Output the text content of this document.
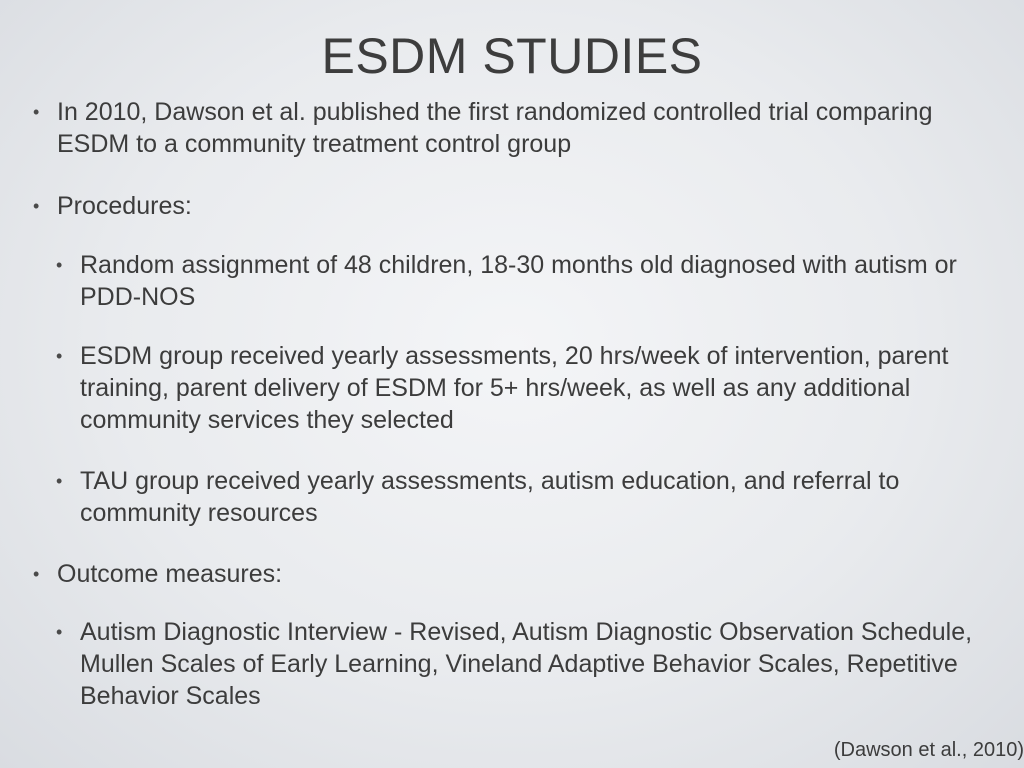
ESDM STUDIES
• In 2010, Dawson et al. published the first randomized controlled trial comparing ESDM to a community treatment control group
• Procedures:
• Random assignment of 48 children, 18-30 months old diagnosed with autism or PDD-NOS
• ESDM group received yearly assessments, 20 hrs/week of intervention, parent training, parent delivery of ESDM for 5+ hrs/week, as well as any additional community services they selected
• TAU group received yearly assessments, autism education, and referral to community resources
• Outcome measures:
• Autism Diagnostic Interview - Revised, Autism Diagnostic Observation Schedule, Mullen Scales of Early Learning, Vineland Adaptive Behavior Scales, Repetitive Behavior Scales
(Dawson et al., 2010)
